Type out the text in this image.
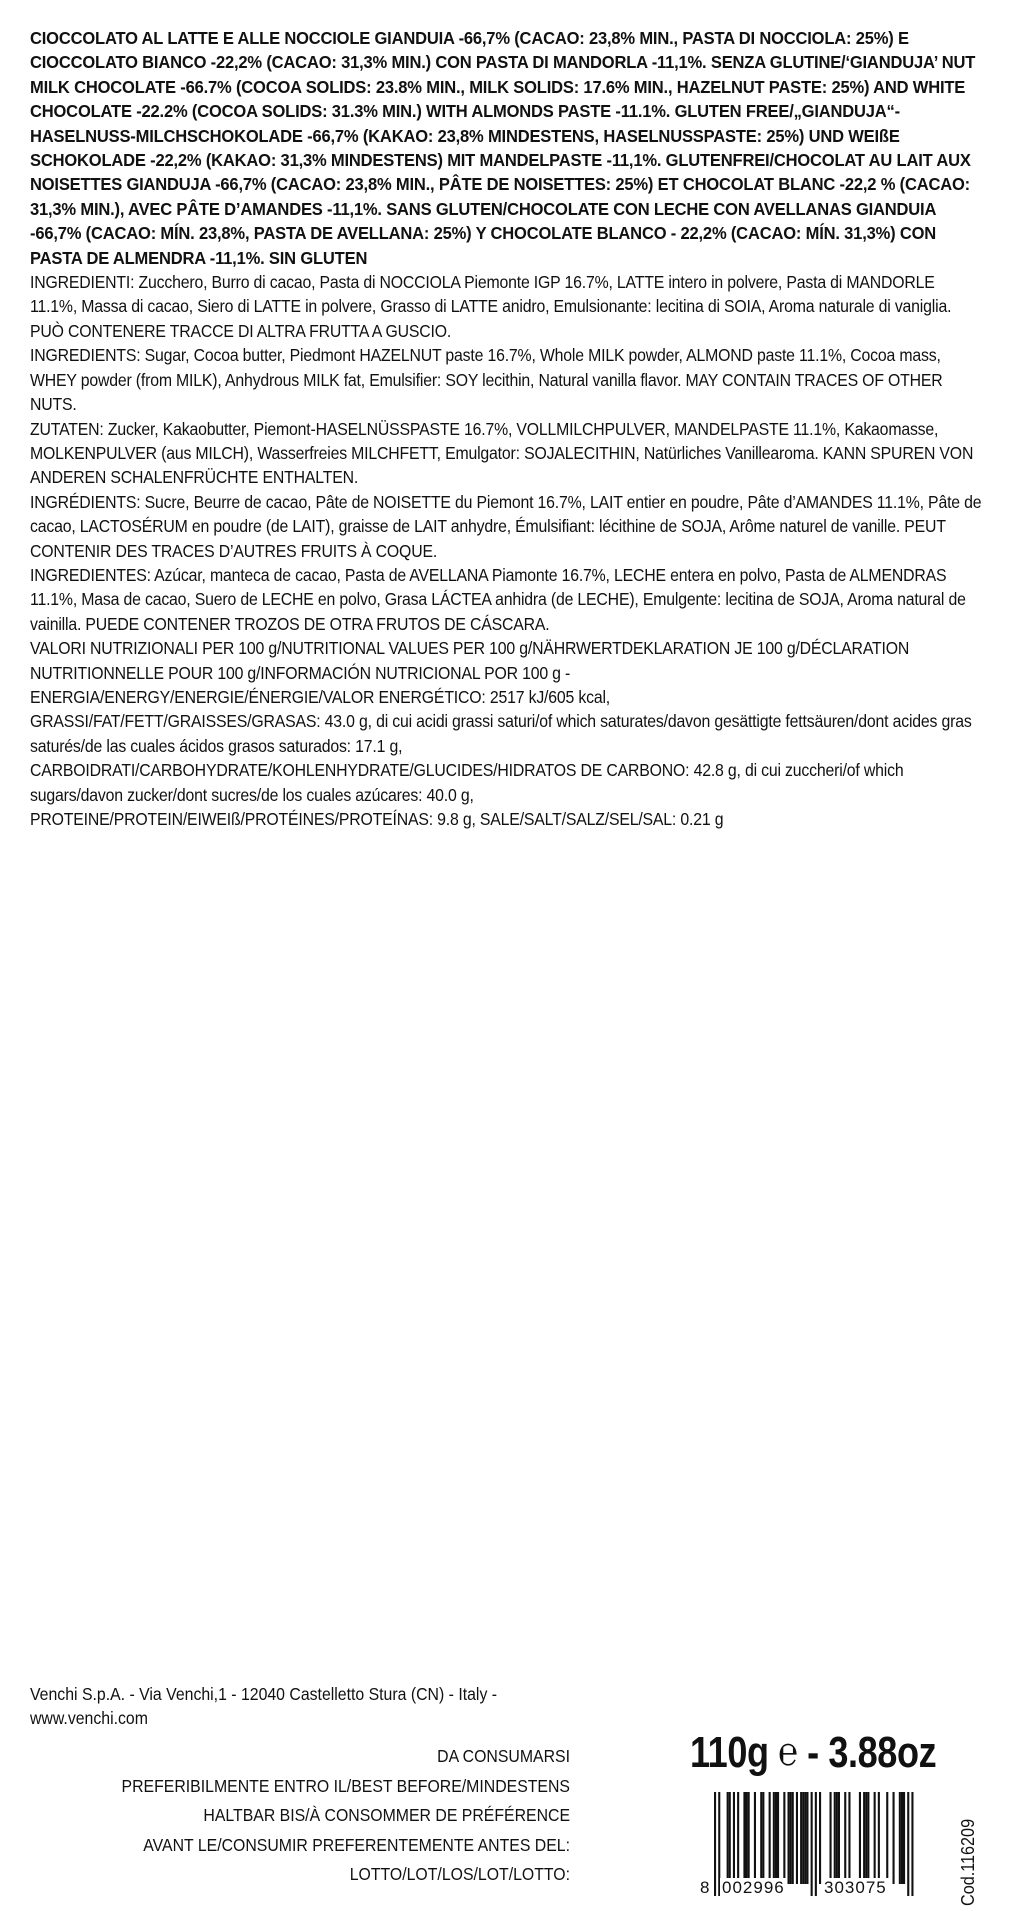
CIOCCOLATO AL LATTE E ALLE NOCCIOLE GIANDUIA -66,7% (CACAO: 23,8% MIN., PASTA DI NOCCIOLA: 25%) E CIOCCOLATO BIANCO -22,2% (CACAO: 31,3% MIN.) CON PASTA DI MANDORLA -11,1%. SENZA GLUTINE/‘GIANDUJA’ NUT MILK CHOCOLATE -66.7% (COCOA SOLIDS: 23.8% MIN., MILK SOLIDS: 17.6% MIN., HAZELNUT PASTE: 25%) AND WHITE CHOCOLATE -22.2% (COCOA SOLIDS: 31.3% MIN.) WITH ALMONDS PASTE -11.1%. GLUTEN FREE/„GIANDUJA“-HASELNUSS-MILCHSCHOKOLADE -66,7% (KAKAO: 23,8% MINDESTENS, HASELNUSSPASTE: 25%) UND WEIßE SCHOKOLADE -22,2% (KAKAO: 31,3% MINDESTENS) MIT MANDELPASTE -11,1%. GLUTENFREI/CHOCOLAT AU LAIT AUX NOISETTES GIANDUJA -66,7% (CACAO: 23,8% MIN., PÂTE DE NOISETTES: 25%) ET CHOCOLAT BLANC -22,2 % (CACAO: 31,3% MIN.), AVEC PÂTE D’AMANDES -11,1%. SANS GLUTEN/CHOCOLATE CON LECHE CON AVELLANAS GIANDUIA -66,7% (CACAO: MÍN. 23,8%, PASTA DE AVELLANA: 25%) Y CHOCOLATE BLANCO - 22,2% (CACAO: MÍN. 31,3%) CON PASTA DE ALMENDRA -11,1%. SIN GLUTEN

INGREDIENTI: Zucchero, Burro di cacao, Pasta di NOCCIOLA Piemonte IGP 16.7%, LATTE intero in polvere, Pasta di MANDORLE 11.1%, Massa di cacao, Siero di LATTE in polvere, Grasso di LATTE anidro, Emulsionante: lecitina di SOIA, Aroma naturale di vaniglia. PUÒ CONTENERE TRACCE DI ALTRA FRUTTA A GUSCIO.

INGREDIENTS: Sugar, Cocoa butter, Piedmont HAZELNUT paste 16.7%, Whole MILK powder, ALMOND paste 11.1%, Cocoa mass, WHEY powder (from MILK), Anhydrous MILK fat, Emulsifier: SOY lecithin, Natural vanilla flavor. MAY CONTAIN TRACES OF OTHER NUTS.

ZUTATEN: Zucker, Kakaobutter, Piemont-HASELNÜSSPASTE 16.7%, VOLLMILCHPULVER, MANDELPASTE 11.1%, Kakaomasse, MOLKENPULVER (aus MILCH), Wasserfreies MILCHFETT, Emulgator: SOJALECITHIN, Natürliches Vanillearoma. KANN SPUREN VON ANDEREN SCHALENFRÜCHTE ENTHALTEN.

INGRÉDIENTS: Sucre, Beurre de cacao, Pâte de NOISETTE du Piemont 16.7%, LAIT entier en poudre, Pâte d’AMANDES 11.1%, Pâte de cacao, LACTOSÉRUM en poudre (de LAIT), graisse de LAIT anhydre, Émulsifiant: lécithine de SOJA, Arôme naturel de vanille. PEUT CONTENIR DES TRACES D’AUTRES FRUITS À COQUE.

INGREDIENTES: Azúcar, manteca de cacao, Pasta de AVELLANA Piamonte 16.7%, LECHE entera en polvo, Pasta de ALMENDRAS 11.1%, Masa de cacao, Suero de LECHE en polvo, Grasa LÁCTEA anhidra (de LECHE), Emulgente: lecitina de SOJA, Aroma natural de vainilla. PUEDE CONTENER TROZOS DE OTRA FRUTOS DE CÁSCARA.

VALORI NUTRIZIONALI PER 100 g/NUTRITIONAL VALUES PER 100 g/NÄHRWERTDEKLARATION JE 100 g/DÉCLARATION NUTRITIONNELLE POUR 100 g/INFORMACIÓN NUTRICIONAL POR 100 g -

ENERGIA/ENERGY/ENERGIE/ÉNERGIE/VALOR ENERGÉTICO: 2517 kJ/605 kcal,

GRASSI/FAT/FETT/GRAISSES/GRASAS: 43.0 g, di cui acidi grassi saturi/of which saturates/davon gesättigte fettsäuren/dont acides gras saturés/de las cuales ácidos grasos saturados: 17.1 g,

CARBOIDRATI/CARBOHYDRATE/KOHLENHYDRATE/GLUCIDES/HIDRATOS DE CARBONO: 42.8 g, di cui zuccheri/of which sugars/davon zucker/dont sucres/de los cuales azúcares: 40.0 g,

PROTEINE/PROTEIN/EIWEIß/PROTÉINES/PROTEÍNAS: 9.8 g, SALE/SALT/SALZ/SEL/SAL: 0.21 g

Venchi S.p.A. - Via Venchi,1 - 12040 Castelletto Stura (CN) - Italy - www.venchi.com
DA CONSUMARSI
PREFERIBILMENTE ENTRO IL/BEST BEFORE/MINDESTENS
HALTBAR BIS/À CONSOMMER DE PRÉFÉRENCE
AVANT LE/CONSUMIR PREFERENTEMENTE ANTES DEL:
LOTTO/LOT/LOS/LOT/LOTTO:
110g ℮ - 3.88oz
8 002996 303075	Cod.116209
